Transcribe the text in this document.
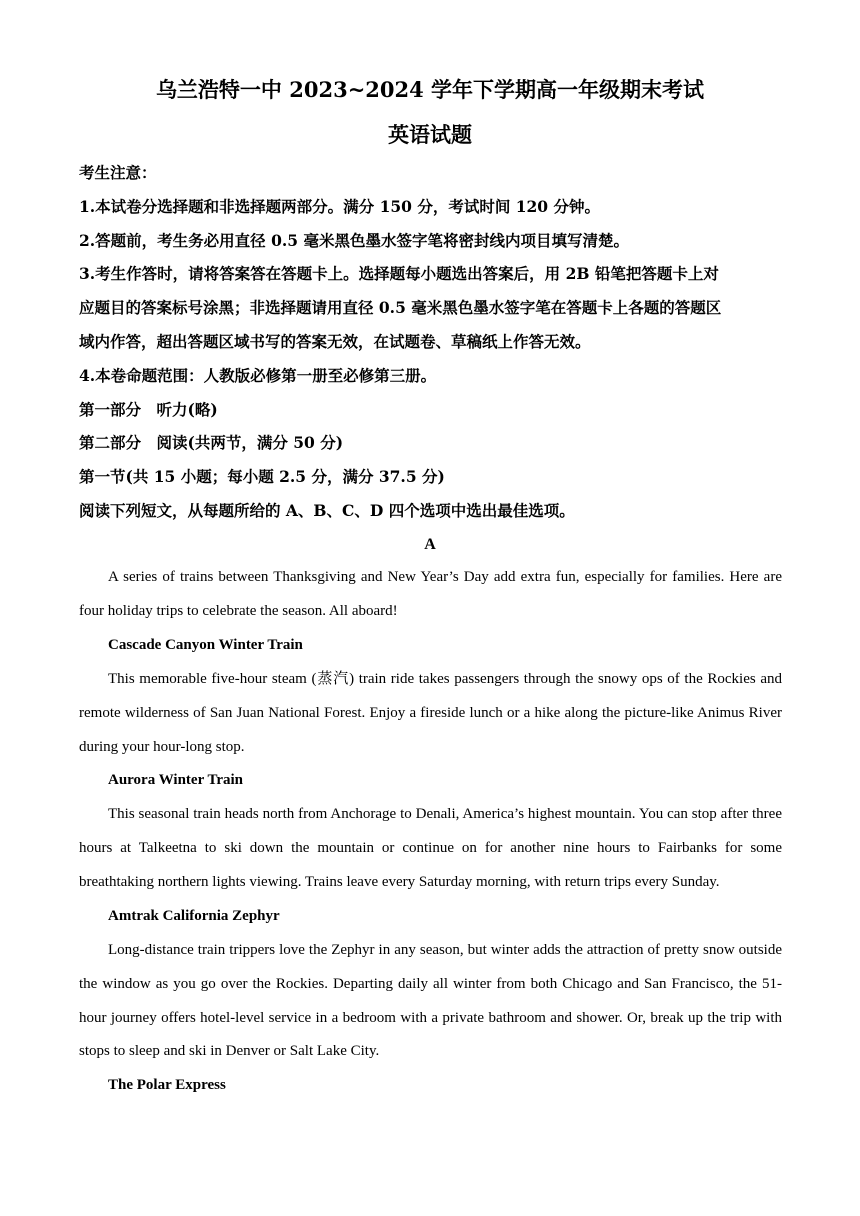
乌兰浩特一中 2023~2024 学年下学期高一年级期末考试
英语试题
考生注意：
1.本试卷分选择题和非选择题两部分。满分 150 分，考试时间 120 分钟。
2.答题前，考生务必用直径 0.5 毫米黑色墨水签字笔将密封线内项目填写清楚。
3.考生作答时，请将答案答在答题卡上。选择题每小题选出答案后，用 2B 铅笔把答题卡上对
应题目的答案标号涂黑；非选择题请用直径 0.5 毫米黑色墨水签字笔在答题卡上各题的答题区
域内作答，超出答题区域书写的答案无效，在试题卷、草稿纸上作答无效。
4.本卷命题范围：人教版必修第一册至必修第三册。
第一部分　听力(略)
第二部分　阅读(共两节，满分 50 分)
第一节(共 15 小题；每小题 2.5 分，满分 37.5 分)
阅读下列短文，从每题所给的 A、B、C、D 四个选项中选出最佳选项。
A

A series of trains between Thanksgiving and New Year’s Day add extra fun, especially for families. Here are four holiday trips to celebrate the season. All aboard!

Cascade Canyon Winter Train

This memorable five-hour steam (蒸汽) train ride takes passengers through the snowy ops of the Rockies and remote wilderness of San Juan National Forest. Enjoy a fireside lunch or a hike along the picture-like Animus River during your hour-long stop.

Aurora Winter Train

This seasonal train heads north from Anchorage to Denali, America’s highest mountain. You can stop after three hours at Talkeetna to ski down the mountain or continue on for another nine hours to Fairbanks for some breathtaking northern lights viewing. Trains leave every Saturday morning, with return trips every Sunday.

Amtrak California Zephyr

Long-distance train trippers love the Zephyr in any season, but winter adds the attraction of pretty snow outside the window as you go over the Rockies. Departing daily all winter from both Chicago and San Francisco, the 51-hour journey offers hotel-level service in a bedroom with a private bathroom and shower. Or, break up the trip with stops to sleep and ski in Denver or Salt Lake City.

The Polar Express
